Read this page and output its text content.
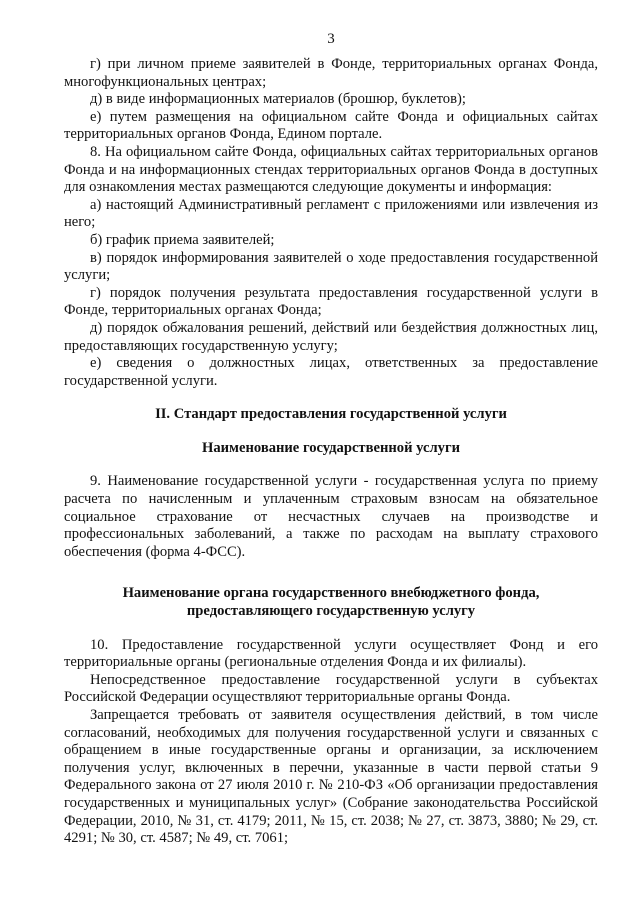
3

г) при личном приеме заявителей в Фонде, территориальных органах Фонда, многофункциональных центрах;

д) в виде информационных материалов (брошюр, буклетов);

е) путем размещения на официальном сайте Фонда и официальных сайтах территориальных органов Фонда, Едином портале.

8. На официальном сайте Фонда, официальных сайтах территориальных органов Фонда и на информационных стендах территориальных органов Фонда в доступных для ознакомления местах размещаются следующие документы и информация:

а) настоящий Административный регламент с приложениями или извлечения из него;

б) график приема заявителей;

в) порядок информирования заявителей о ходе предоставления государственной услуги;

г) порядок получения результата предоставления государственной услуги в Фонде, территориальных органах Фонда;

д) порядок обжалования решений, действий или бездействия должностных лиц, предоставляющих государственную услугу;

е) сведения о должностных лицах, ответственных за предоставление государственной услуги.

II. Стандарт предоставления государственной услуги
Наименование государственной услуги

9. Наименование государственной услуги - государственная услуга по приему расчета по начисленным и уплаченным страховым взносам на обязательное социальное страхование от несчастных случаев на производстве и профессиональных заболеваний, а также по расходам на выплату страхового обеспечения (форма 4-ФСС).

Наименование органа государственного внебюджетного фонда,
предоставляющего государственную услугу

10. Предоставление государственной услуги осуществляет Фонд и его территориальные органы (региональные отделения Фонда и их филиалы).

Непосредственное предоставление государственной услуги в субъектах Российской Федерации осуществляют территориальные органы Фонда.

Запрещается требовать от заявителя осуществления действий, в том числе согласований, необходимых для получения государственной услуги и связанных с обращением в иные государственные органы и организации, за исключением получения услуг, включенных в перечни, указанные в части первой статьи 9 Федерального закона от 27 июля 2010 г. № 210-ФЗ «Об организации предоставления государственных и муниципальных услуг» (Собрание законодательства Российской Федерации, 2010, № 31, ст. 4179; 2011, № 15, ст. 2038; № 27, ст. 3873, 3880; № 29, ст. 4291; № 30, ст. 4587; № 49, ст. 7061;
